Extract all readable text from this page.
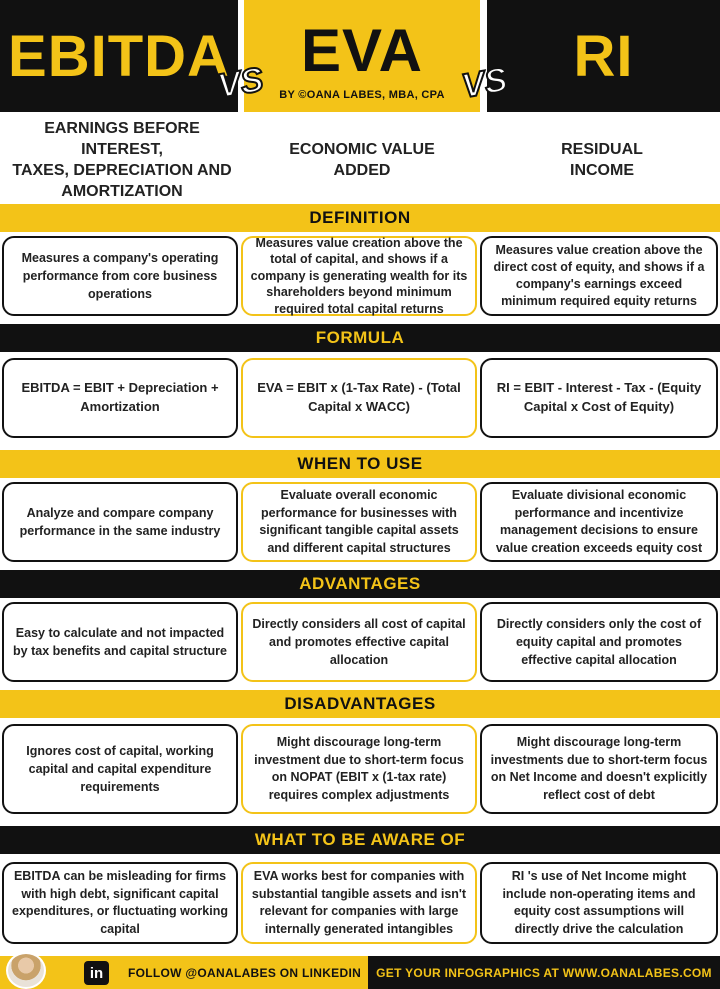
EBITDA EVA
BY ©OANA LABES, MBA, CPA
RI
VS	VS
EARNINGS BEFORE INTEREST,
TAXES, DEPRECIATION AND
AMORTIZATION
ECONOMIC VALUE
ADDED
RESIDUAL
INCOME
DEFINITION
Measures a company's operating performance from core business operations
Measures value creation above the total of capital, and shows if a company is generating wealth for its shareholders beyond minimum required total capital returns
Measures value creation above the direct cost of equity, and shows if a company's earnings exceed minimum required equity returns
FORMULA
EBITDA = EBIT + Depreciation + Amortization
EVA = EBIT x (1-Tax Rate) - (Total Capital x WACC)
RI = EBIT - Interest - Tax - (Equity Capital x Cost of Equity)
WHEN TO USE
Analyze and compare company performance in the same industry
Evaluate overall economic performance for businesses with significant tangible capital assets and different capital structures
Evaluate divisional economic performance and incentivize management decisions to ensure value creation exceeds equity cost
ADVANTAGES
Easy to calculate and not impacted by tax benefits and capital structure
Directly considers all cost of capital and promotes effective capital allocation
Directly considers only the cost of equity capital and promotes effective capital allocation
DISADVANTAGES
Ignores cost of capital, working capital and capital expenditure requirements
Might discourage long-term investment due to short-term focus on NOPAT (EBIT x (1-tax rate) requires complex adjustments
Might discourage long-term investments due to short-term focus on Net Income and doesn't explicitly reflect cost of debt
WHAT TO BE AWARE OF
EBITDA can be misleading for firms with high debt, significant capital expenditures, or fluctuating working capital
EVA works best for companies with substantial tangible assets and isn't relevant for companies with large internally generated intangibles
RI 's use of Net Income might include non-operating items and equity cost assumptions will directly drive the calculation
GET YOUR INFOGRAPHICS AT WWW.OANALABES.COM
in	FOLLOW @OANALABES ON LINKEDIN
